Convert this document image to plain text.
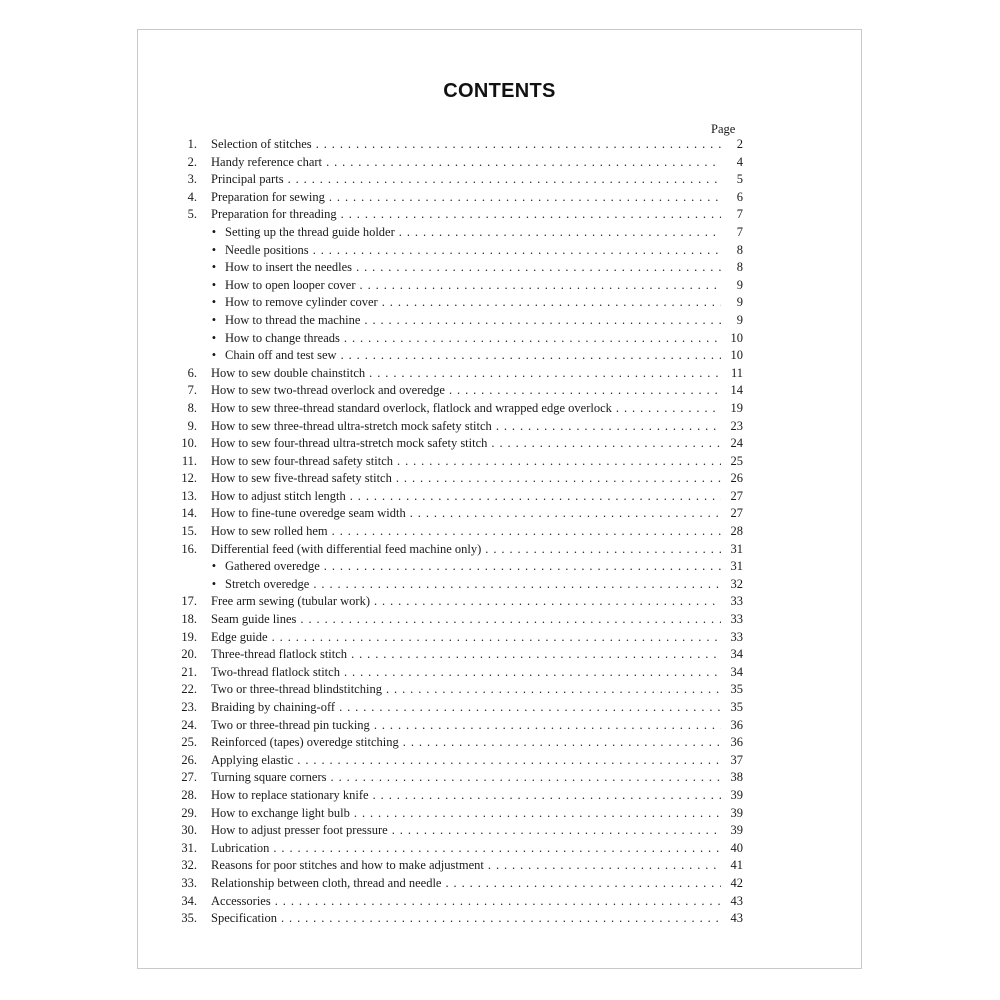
CONTENTS
Page
1. Selection of stitches . . .	2
2. Handy reference chart . . .	4
3. Principal parts . . .	5
4. Preparation for sewing . . .	6
5. Preparation for threading . . .	7
• Setting up the thread guide holder . . .	7
• Needle positions . . .	8
• How to insert the needles . . .	8
• How to open looper cover . . .	9
• How to remove cylinder cover . . .	9
• How to thread the machine . . .	9
• How to change threads . . .	10
• Chain off and test sew . . .	10
6. How to sew double chainstitch . . .	11
7. How to sew two-thread overlock and overedge . . .	14
8. How to sew three-thread standard overlock, flatlock and wrapped edge overlock . . .	19
9. How to sew three-thread ultra-stretch mock safety stitch . . .	23
10. How to sew four-thread ultra-stretch mock safety stitch . . .	24
11. How to sew four-thread safety stitch . . .	25
12. How to sew five-thread safety stitch . . .	26
13. How to adjust stitch length . . .	27
14. How to fine-tune overedge seam width . . .	27
15. How to sew rolled hem . . .	28
16. Differential feed (with differential feed machine only) . . .	31
• Gathered overedge . . .	31
• Stretch overedge . . .	32
17. Free arm sewing (tubular work) . . .	33
18. Seam guide lines . . .	33
19. Edge guide . . .	33
20. Three-thread flatlock stitch . . .	34
21. Two-thread flatlock stitch . . .	34
22. Two or three-thread blindstitching . . .	35
23. Braiding by chaining-off . . .	35
24. Two or three-thread pin tucking . . .	36
25. Reinforced (tapes) overedge stitching . . .	36
26. Applying elastic . . .	37
27. Turning square corners . . .	38
28. How to replace stationary knife . . .	39
29. How to exchange light bulb . . .	39
30. How to adjust presser foot pressure . . .	39
31. Lubrication . . .	40
32. Reasons for poor stitches and how to make adjustment . . .	41
33. Relationship between cloth, thread and needle . . .	42
34. Accessories . . .	43
35. Specification . . .	43
